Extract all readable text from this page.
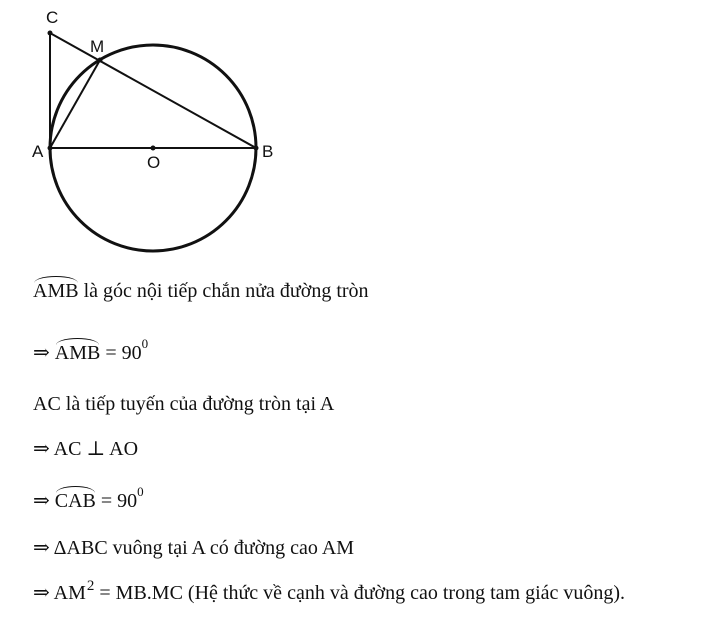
C
M
A
O
B
AMB là góc nội tiếp chắn nửa đường tròn
⇒ AMB = $90^0$
AC là tiếp tuyến của đường tròn tại A
⇒ AC ⊥ AO
⇒ CAB = $90^0$
⇒ ΔABC vuông tại A có đường cao AM
⇒ $AM^2 = MB.MC$ (Hệ thức về cạnh và đường cao trong tam giác vuông).
